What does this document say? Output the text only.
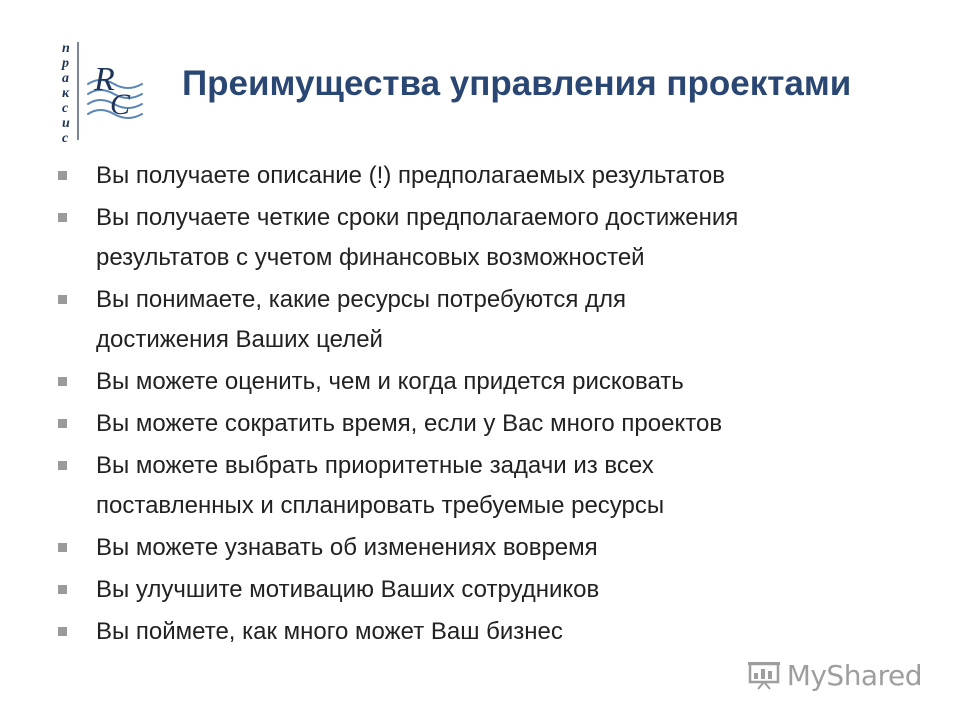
п
р
а
к
с
и
с
R
C
Преимущества управления проектами
Вы получаете описание (!) предполагаемых результатов
Вы получаете четкие сроки предполагаемого достижения
результатов с учетом финансовых возможностей
Вы понимаете, какие ресурсы потребуются для
достижения Ваших целей
Вы можете оценить, чем и когда придется рисковать
Вы можете сократить время, если у Вас много проектов
Вы можете выбрать приоритетные задачи из всех
поставленных и спланировать требуемые ресурсы
Вы можете узнавать об изменениях вовремя
Вы улучшите мотивацию Ваших сотрудников
Вы поймете, как много может Ваш бизнес
MyShared
